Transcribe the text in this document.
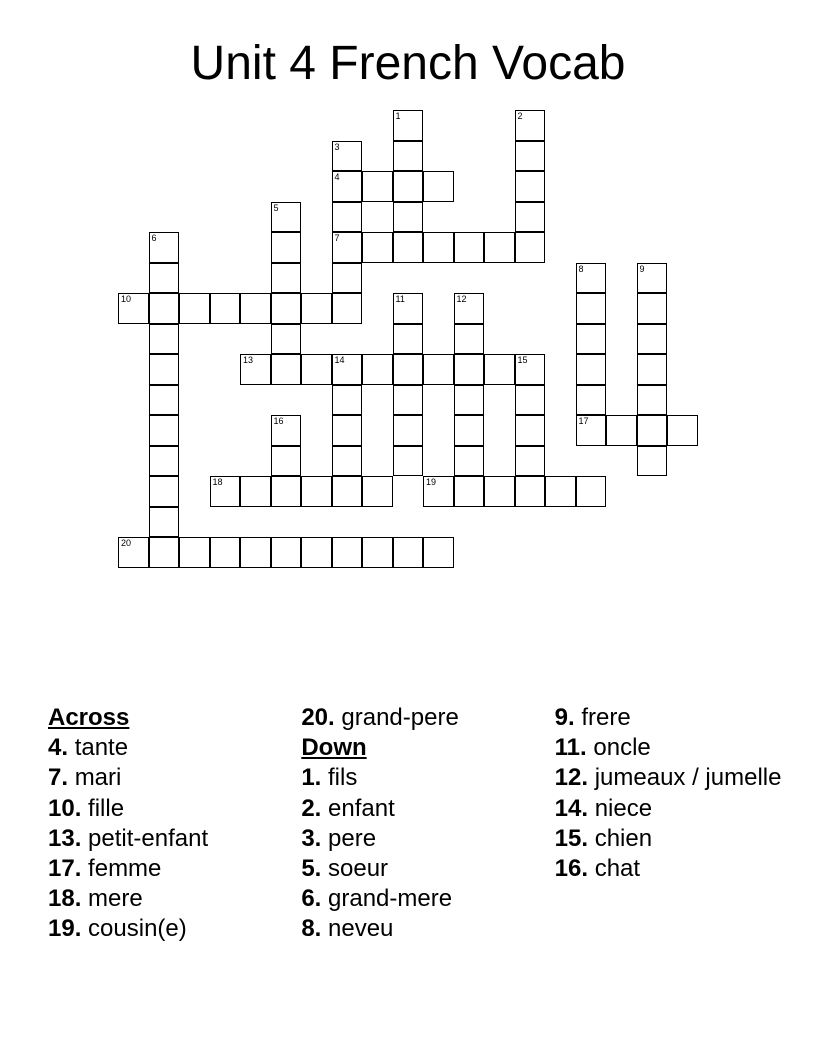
Unit 4 French Vocab
1	2
3
4
7
5
6
8
17
9
10	11	12
13	14	15
16
18	19
20
Across
4. tante
7. mari
10. fille
13. petit-enfant
17. femme
18. mere
19. cousin(e)
20. grand-pere
Down
1. fils
2. enfant
3. pere
5. soeur
6. grand-mere
8. neveu
9. frere
11. oncle
12. jumeaux / jumelle
14. niece
15. chien
16. chat
